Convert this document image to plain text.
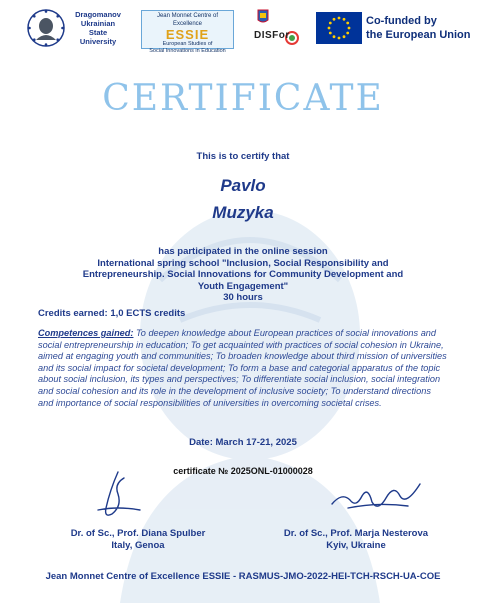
Dragomanov
Ukrainian
State
University
Jean Monnet Centre of Excellence
ESSIE
European Studies of
Social Innovations in Education
DISFor
Co-funded by
the European Union
CERTIFICATE
This is to certify that
Pavlo
Muzyka
has participated in the online session
International spring school "Inclusion, Social Responsibility and
Entrepreneurship. Social Innovations for Community Development and
Youth Engagement"
30 hours
Credits earned: 1,0 ECTS credits
Competences gained: To deepen knowledge about European practices of social innovations and social entrepreneurship in education; To get acquainted with practices of social cohesion in Ukraine, aimed at engaging youth and communities; To broaden knowledge about third mission of universities and its social impact for societal development; To form a base and categorial apparatus of the topic about social inclusion, its types and perspectives; To differentiate social inclusion, social integration and social cohesion and its role in the development of inclusive society; To understand directions and importance of social responsibilities of universities in overcoming societal crises.
Date: March 17-21, 2025
certificate № 2025ONL-01000028
Dr. of Sc., Prof. Diana Spulber
Italy, Genoa
Dr. of Sc., Prof. Marja Nesterova
Kyiv, Ukraine
Jean Monnet Centre of Excellence ESSIE - RASMUS-JMO-2022-HEI-TCH-RSCH-UA-COE
